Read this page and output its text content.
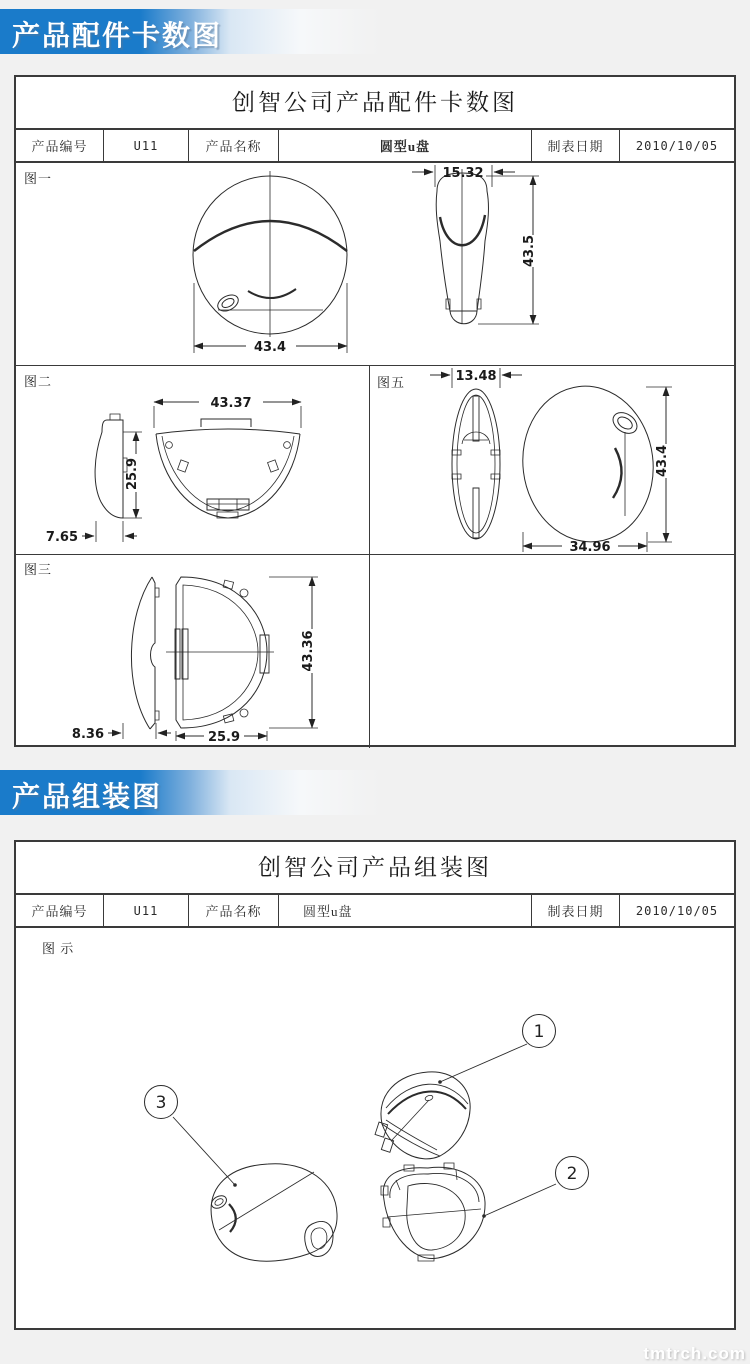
产品配件卡数图
创智公司产品配件卡数图
产品编号	U11	产品名称	圆型u盘	制表日期	2010/10/05
图一
43.4
15.32
43.5
图二
43.37
25.9
7.65
图五	13.48
34.96
43.4
图三
8.36	25.9
43.36
产品组装图
创智公司产品组装图
产品编号	U11	产品名称	圆型u盘	制表日期	2010/10/05
图 示
1
2
3
tmtrch.com
